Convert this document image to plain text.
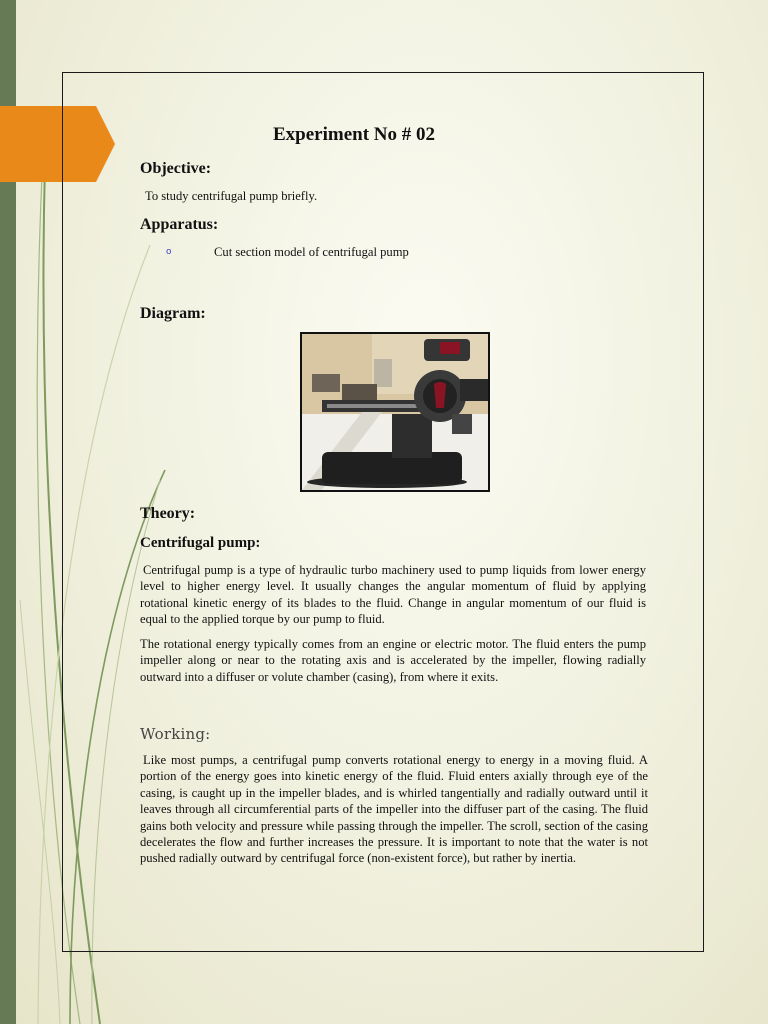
Experiment No # 02
Objective:
To study centrifugal pump briefly.
Apparatus:
o	Cut section model of centrifugal pump
Diagram:
Theory:
Centrifugal pump:
Centrifugal pump is a type of hydraulic turbo machinery used to pump liquids from lower energy level to higher energy level. It usually changes the angular momentum of fluid by applying rotational kinetic energy of its blades to the fluid. Change in angular momentum of our fluid is equal to the applied torque by our pump to fluid.
The rotational energy typically comes from an engine or electric motor. The fluid enters the pump impeller along or near to the rotating axis and is accelerated by the impeller, flowing radially outward into a diffuser or volute chamber (casing), from where it exits.
Working:
Like most pumps, a centrifugal pump converts rotational energy to energy in a moving fluid. A portion of the energy goes into kinetic energy of the fluid. Fluid enters axially through eye of the casing, is caught up in the impeller blades, and is whirled tangentially and radially outward until it leaves through all circumferential parts of the impeller into the diffuser part of the casing. The fluid gains both velocity and pressure while passing through the impeller. The scroll, section of the casing decelerates the flow and further increases the pressure. It is important to note that the water is not pushed radially outward by centrifugal force (non-existent force), but rather by inertia.
